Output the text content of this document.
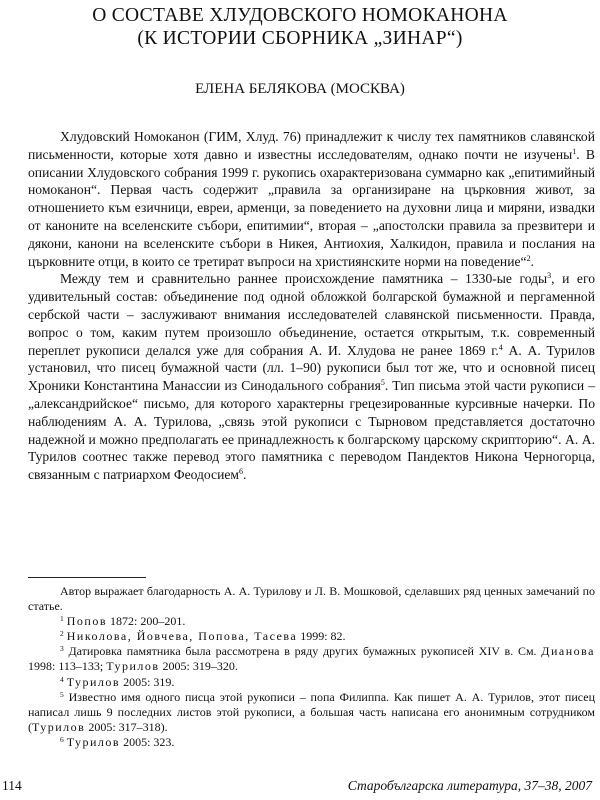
О СОСТАВЕ ХЛУДОВСКОГО НОМОКАНОНА
(К ИСТОРИИ СБОРНИКА „ЗИНАР“)
ЕЛЕНА БЕЛЯКОВА (МОСКВА)

Хлудовский Номоканон (ГИМ, Хлуд. 76) принадлежит к числу тех памятников славянской письменности, которые хотя давно и известны исследователям, однако почти не изучены$^1$. В описании Хлудовского собрания 1999 г. рукопись охарактеризована суммарно как „епитимийный номоканон“. Первая часть содержит „правила за организиране на църковния живот, за отношението към езичници, евреи, арменци, за поведението на духовни лица и миряни, извадки от каноните на вселенските събори, епитимии“, вторая – „апостолски правила за презвитери и дякони, канони на вселенските събори в Никея, Антиохия, Халкидон, правила и послания на църковните отци, в които се третират въпроси на християнските норми на поведение“$^2$.

Между тем и сравнительно раннее происхождение памятника – 1330-ые годы$^3$, и его удивительный состав: объединение под одной обложкой болгарской бумажной и пергаменной сербской части – заслуживают внимания исследователей славянской письменности. Правда, вопрос о том, каким путем произошло объединение, остается открытым, т.к. современный переплет рукописи делался уже для собрания А. И. Хлудова не ранее 1869 г.$^4$ А. А. Турилов установил, что писец бумажной части (лл. 1–90) рукописи был тот же, что и основной писец Хроники Константина Манассии из Синодального собрания$^5$. Тип письма этой части рукописи – „александрийское“ письмо, для которого характерны грецезированные курсивные начерки. По наблюдениям А. А. Турилова, „связь этой рукописи с Тырновом представляется достаточно надежной и можно предполагать ее принадлежность к болгарскому царскому скрипторию“. А. А. Турилов соотнес также перевод этого памятника с переводом Пандектов Никона Черногорца, связанным с патриархом Феодосием$^6$.

Автор выражает благодарность А. А. Турилову и Л. В. Мошковой, сделавших ряд ценных замечаний по статье.

$^1$ Попов 1872: 200–201.

$^2$ Николова, Йовчева, Попова, Тасева 1999: 82.

$^3$ Датировка памятника была рассмотрена в ряду других бумажных рукописей XIV в. См. Дианова 1998: 113–133; Турилов 2005: 319–320.

$^4$ Турилов 2005: 319.

$^5$ Известно имя одного писца этой рукописи – попа Филиппа. Как пишет А. А. Турилов, этот писец написал лишь 9 последних листов этой рукописи, а большая часть написана его анонимным сотрудником (Турилов 2005: 317–318).

$^6$ Турилов 2005: 323.

114	Старобългарска литература, 37–38, 2007
